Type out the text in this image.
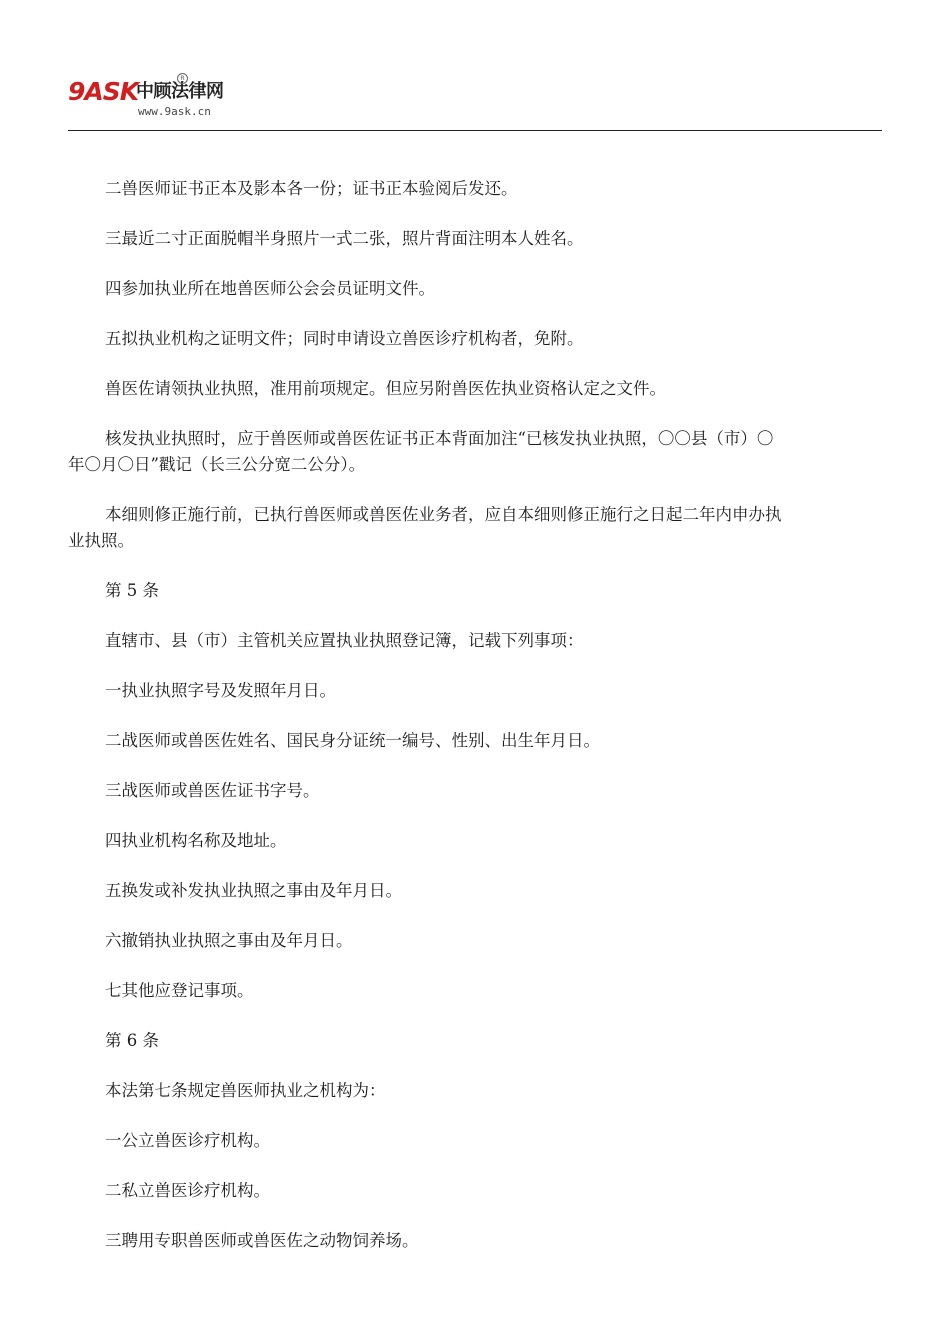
9ASK
中顾法律网
R
www.9ask.cn

二兽医师证书正本及影本各一份；证书正本验阅后发还。

三最近二寸正面脱帽半身照片一式二张，照片背面注明本人姓名。

四参加执业所在地兽医师公会会员证明文件。

五拟执业机构之证明文件；同时申请设立兽医诊疗机构者，免附。

兽医佐请领执业执照，准用前项规定。但应另附兽医佐执业资格认定之文件。

核发执业执照时，应于兽医师或兽医佐证书正本背面加注“已核发执业执照，〇〇县（市）〇
年〇月〇日”戳记（长三公分宽二公分）。

本细则修正施行前，已执行兽医师或兽医佐业务者，应自本细则修正施行之日起二年内申办执
业执照。

第 5 条

直辖市、县（市）主管机关应置执业执照登记簿，记载下列事项：

一执业执照字号及发照年月日。

二战医师或兽医佐姓名、国民身分证统一编号、性别、出生年月日。

三战医师或兽医佐证书字号。

四执业机构名称及地址。

五换发或补发执业执照之事由及年月日。

六撤销执业执照之事由及年月日。

七其他应登记事项。

第 6 条

本法第七条规定兽医师执业之机构为：

一公立兽医诊疗机构。

二私立兽医诊疗机构。

三聘用专职兽医师或兽医佐之动物饲养场。
